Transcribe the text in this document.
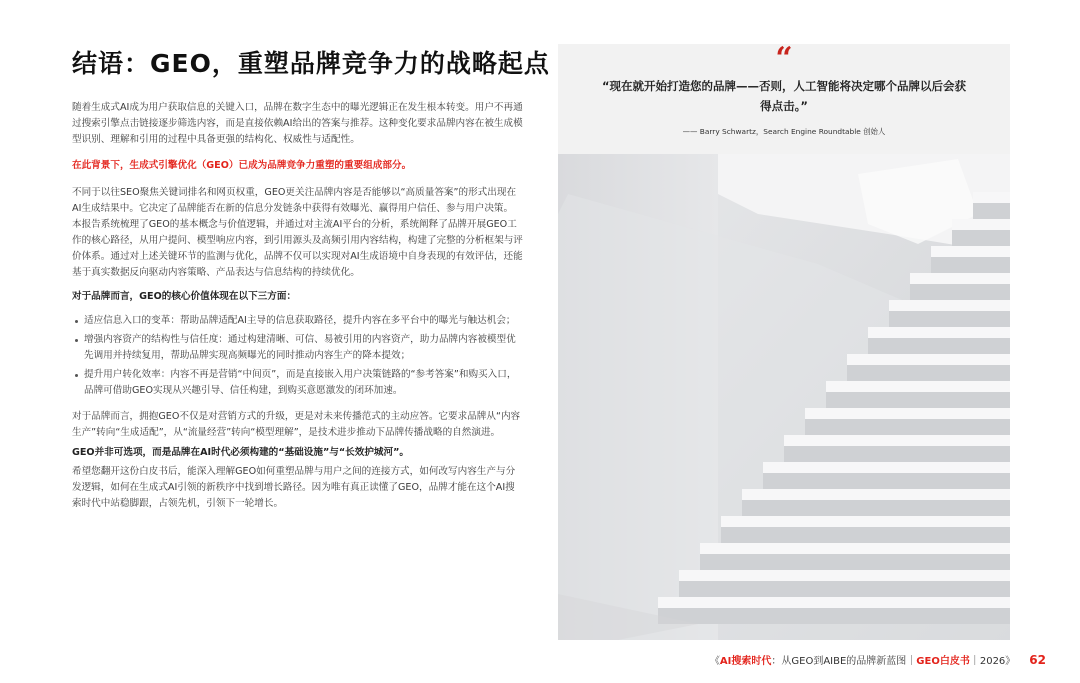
结语：GEO，重塑品牌竞争力的战略起点

随着生成式AI成为用户获取信息的关键入口，品牌在数字生态中的曝光逻辑正在发生根本转变。用户不再通过搜索引擎点击链接逐步筛选内容，而是直接依赖AI给出的答案与推荐。这种变化要求品牌内容在被生成模型识别、理解和引用的过程中具备更强的结构化、权威性与适配性。

在此背景下，生成式引擎优化（GEO）已成为品牌竞争力重塑的重要组成部分。

不同于以往SEO聚焦关键词排名和网页权重，GEO更关注品牌内容是否能够以“高质量答案”的形式出现在AI生成结果中。它决定了品牌能否在新的信息分发链条中获得有效曝光、赢得用户信任、参与用户决策。

本报告系统梳理了GEO的基本概念与价值逻辑，并通过对主流AI平台的分析，系统阐释了品牌开展GEO工作的核心路径，从用户提问、模型响应内容，到引用源头及高频引用内容结构，构建了完整的分析框架与评价体系。通过对上述关键环节的监测与优化，品牌不仅可以实现对AI生成语境中自身表现的有效评估，还能基于真实数据反向驱动内容策略、产品表达与信息结构的持续优化。

对于品牌而言，GEO的核心价值体现在以下三方面：

适应信息入口的变革：帮助品牌适配AI主导的信息获取路径，提升内容在多平台中的曝光与触达机会；
增强内容资产的结构性与信任度：通过构建清晰、可信、易被引用的内容资产，助力品牌内容被模型优先调用并持续复用，帮助品牌实现高频曝光的同时推动内容生产的降本提效；
提升用户转化效率：内容不再是营销“中间页”，而是直接嵌入用户决策链路的“参考答案”和购买入口，品牌可借助GEO实现从兴趣引导、信任构建，到购买意愿激发的闭环加速。

对于品牌而言，拥抱GEO不仅是对营销方式的升级，更是对未来传播范式的主动应答。它要求品牌从“内容生产”转向“生成适配”，从“流量经营”转向“模型理解”，是技术进步推动下品牌传播战略的自然演进。

GEO并非可选项，而是品牌在AI时代必须构建的“基础设施”与“长效护城河”。

希望您翻开这份白皮书后，能深入理解GEO如何重塑品牌与用户之间的连接方式，如何改写内容生产与分发逻辑，如何在生成式AI引领的新秩序中找到增长路径。因为唯有真正读懂了GEO，品牌才能在这个AI搜索时代中站稳脚跟，占领先机，引领下一轮增长。

“
“现在就开始打造您的品牌——否则，人工智能将决定哪个品牌以后会获得点击。”
—— Barry Schwartz，Search Engine Roundtable 创始人
《AI搜索时代：从GEO到AIBE的品牌新蓝图｜GEO白皮书｜2026》 62
